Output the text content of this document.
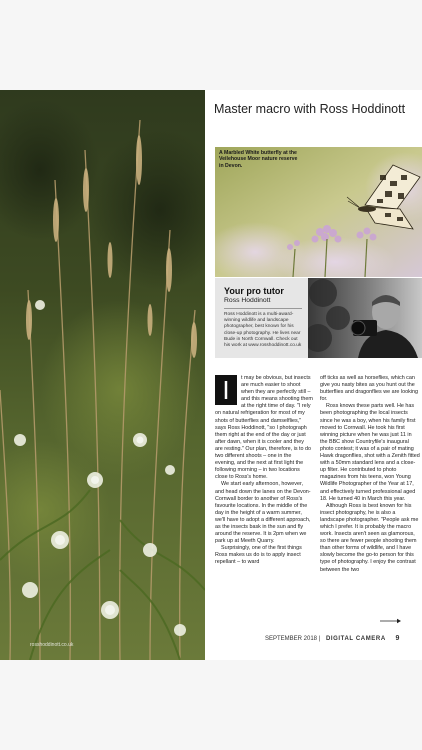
rosshoddinott.co.uk
Master macro with Ross Hoddinott
A Marbled White butterfly at the Veilehouse Moor nature reserve in Devon.
Your pro tutor
Ross Hoddinott
Ross Hoddinott is a multi-award-winning wildlife and landscape photographer, best known for his close-up photography. He lives near Bude in North Cornwall. Check out his work at www.rosshoddinott.co.uk
I	t may be obvious, but insects are much easier to shoot when they are perfectly still – and this means shooting them at the right time of day. "I rely on natural refrigeration for most of my shots of butterflies and damselflies," says Ross Hoddinott, "so I photograph them right at the end of the day or just after dawn, when it is cooler and they are resting." Our plan, therefore, is to do two different shoots – one in the evening, and the next at first light the following morning – in two locations close to Ross's home.

We start early afternoon, however, and head down the lanes on the Devon-Cornwall border to another of Ross's favourite locations. In the middle of the day in the height of a warm summer, we'll have to adopt a different approach, as the insects bask in the sun and fly around the reserve. It is 2pm when we park up at Meeth Quarry.

Surprisingly, one of the first things Ross makes us do is to apply insect repellant – to ward

off ticks as well as horseflies, which can give you nasty bites as you hunt out the butterflies and dragonflies we are looking for.

Ross knows these parts well. He has been photographing the local insects since he was a boy, when his family first moved to Cornwall. He took his first winning picture when he was just 11 in the BBC show Countryfile's inaugural photo contest; it was of a pair of mating Hawk dragonflies, shot with a Zenith fitted with a 50mm standard lens and a close-up filter. He contributed to photo magazines from his teens, won Young Wildlife Photographer of the Year at 17, and effectively turned professional aged 18. He turned 40 in March this year.

Although Ross is best known for his insect photography, he is also a landscape photographer. "People ask me which I prefer. It is probably the macro work. Insects aren't seen as glamorous, so there are fewer people shooting them than other forms of wildlife, and I have slowly become the go-to person for this type of photography. I enjoy the contrast between the two

SEPTEMBER 2018 | DIGITAL CAMERA 9
